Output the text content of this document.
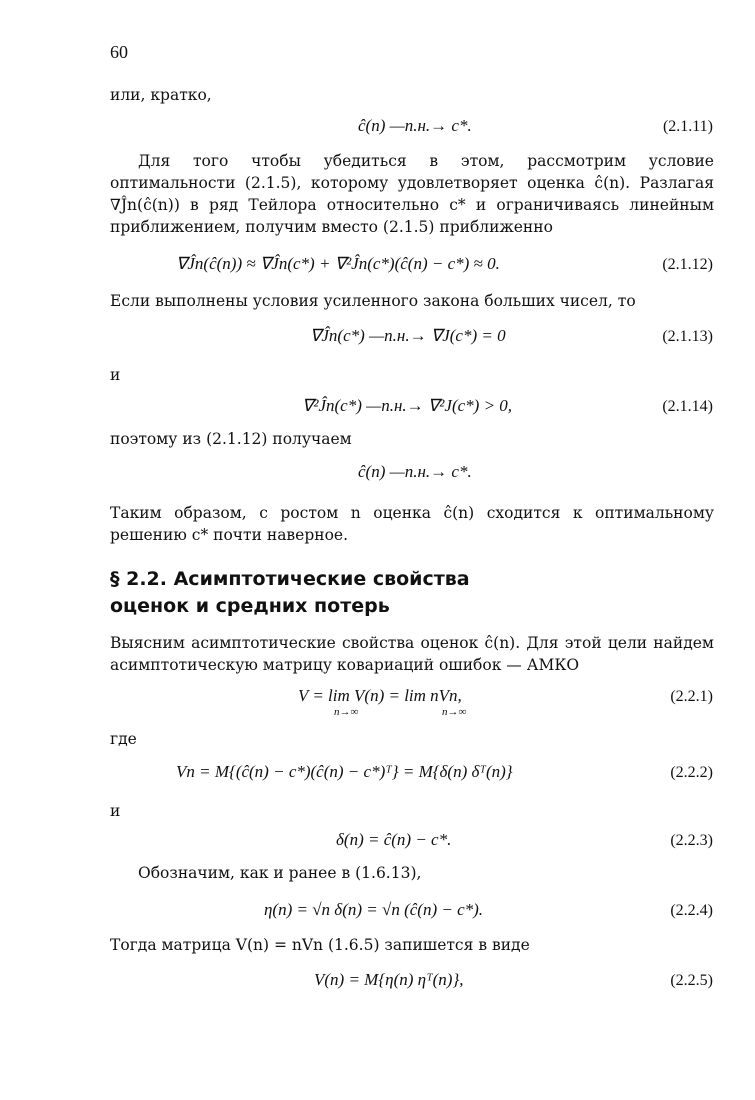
60
или, кратко,
ĉ(n) —п.н.→ c*.	(2.1.11)
Для того чтобы убедиться в этом, рассмотрим условие оптимальности (2.1.5), которому удовлетворяет оценка ĉ(n). Разлагая ∇Ĵn(ĉ(n)) в ряд Тейлора относительно c* и ограничиваясь линейным приближением, получим вместо (2.1.5) приближенно
∇Ĵn(ĉ(n)) ≈ ∇Ĵn(c*) + ∇²Ĵn(c*)(ĉ(n) − c*) ≈ 0.	(2.1.12)
Если выполнены условия усиленного закона больших чисел, то
∇Ĵn(c*) —п.н.→ ∇J(c*) = 0	(2.1.13)
и
∇²Ĵn(c*) —п.н.→ ∇²J(c*) > 0,	(2.1.14)
поэтому из (2.1.12) получаем
ĉ(n) —п.н.→ c*.
Таким образом, с ростом n оценка ĉ(n) сходится к оптимальному решению c* почти наверное.
§ 2.2. Асимптотические свойства
оценок и средних потерь
Выясним асимптотические свойства оценок ĉ(n). Для этой цели найдем асимптотическую матрицу ковариаций ошибок — АМКО
V = lim V(n) = lim nVn,
n→∞	n→∞
(2.2.1)
где
Vn = M{(ĉ(n) − c*)(ĉ(n) − c*)ᵀ} = M{δ(n) δᵀ(n)}	(2.2.2)
и
δ(n) = ĉ(n) − c*.	(2.2.3)
Обозначим, как и ранее в (1.6.13),
η(n) = √n δ(n) = √n (ĉ(n) − c*).	(2.2.4)
Тогда матрица V(n) = nVn (1.6.5) запишется в виде
V(n) = M{η(n) ηᵀ(n)},	(2.2.5)
